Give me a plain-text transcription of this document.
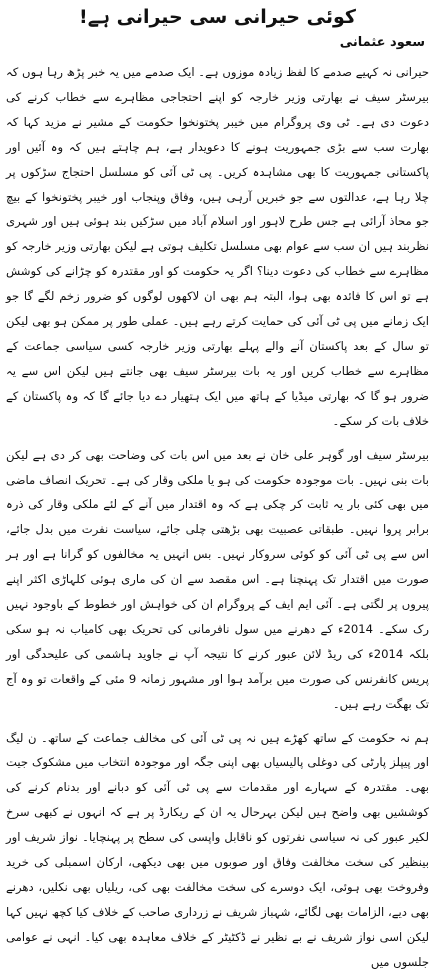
کوئی حیرانی سی حیرانی ہے!
سعود عثمانی

حیرانی نہ کہیے صدمے کا لفظ زیادہ موزوں ہے۔ ایک صدمے میں یہ خبر پڑھ رہا ہوں کہ بیرسٹر سیف نے بھارتی وزیر خارجہ کو اپنے احتجاجی مظاہرے سے خطاب کرنے کی دعوت دی ہے۔ ٹی وی پروگرام میں خیبر پختونخوا حکومت کے مشیر نے مزید کہا کہ بھارت سب سے بڑی جمہوریت ہونے کا دعویدار ہے، ہم چاہتے ہیں کہ وہ آئیں اور پاکستانی جمہوریت کا بھی مشاہدہ کریں۔ پی ٹی آئی کو مسلسل احتجاج سڑکوں پر چلا رہا ہے، عدالتوں سے جو خبریں آرہی ہیں، وفاق وپنجاب اور خیبر پختونخوا کے بیچ جو محاذ آرائی ہے جس طرح لاہور اور اسلام آباد میں سڑکیں بند ہوئی ہیں اور شہری نظربند ہیں ان سب سے عوام بھی مسلسل تکلیف ہوتی ہے لیکن بھارتی وزیر خارجہ کو مظاہرے سے خطاب کی دعوت دینا؟ اگر یہ حکومت کو اور مقتدرہ کو چڑانے کی کوشش ہے تو اس کا فائدہ بھی ہوا، البتہ ہم بھی ان لاکھوں لوگوں کو ضرور زخم لگے گا جو ایک زمانے میں پی ٹی آئی کی حمایت کرتے رہے ہیں۔ عملی طور پر ممکن ہو بھی لیکن تو سال کے بعد پاکستان آنے والے پہلے بھارتی وزیر خارجہ کسی سیاسی جماعت کے مظاہرے سے خطاب کریں اور یہ بات بیرسٹر سیف بھی جانتے ہیں لیکن اس سے یہ ضرور ہو گا کہ بھارتی میڈیا کے ہاتھ میں ایک ہتھیار دے دیا جائے گا کہ وہ پاکستان کے خلاف بات کر سکے۔

بیرسٹر سیف اور گوہر علی خان نے بعد میں اس بات کی وضاحت بھی کر دی ہے لیکن بات بنی نہیں۔ بات موجودہ حکومت کی ہو یا ملکی وقار کی ہے۔ تحریک انصاف ماضی میں بھی کئی بار یہ ثابت کر چکی ہے کہ وہ اقتدار میں آنے کے لئے ملکی وقار کی ذرہ برابر پروا نہیں۔ طبقاتی عصبیت بھی بڑھتی چلی جائے، سیاست نفرت میں بدل جائے، اس سے پی ٹی آئی کو کوئی سروکار نہیں۔ بس انہیں یہ مخالفوں کو گرانا ہے اور ہر صورت میں اقتدار تک پہنچنا ہے۔ اس مقصد سے ان کی ماری ہوئی کلہاڑی اکثر اپنے پیروں پر لگتی ہے۔ آئی ایم ایف کے پروگرام ان کی خواہش اور خطوط کے باوجود نہیں رک سکے۔ 2014ء کے دھرنے میں سول نافرمانی کی تحریک بھی کامیاب نہ ہو سکی بلکہ 2014ء کی ریڈ لائن عبور کرنے کا نتیجہ آپ نے جاوید ہاشمی کی علیحدگی اور پریس کانفرنس کی صورت میں برآمد ہوا اور مشہور زمانہ 9 مئی کے واقعات تو وہ آج تک بھگت رہے ہیں۔

ہم نہ حکومت کے ساتھ کھڑے ہیں نہ پی ٹی آئی کی مخالف جماعت کے ساتھ۔ ن لیگ اور پیپلز پارٹی کی دوغلی پالیسیاں بھی اپنی جگہ اور موجودہ انتخاب میں مشکوک جیت بھی۔ مقتدرہ کے سہارے اور مقدمات سے پی ٹی آئی کو دبانے اور بدنام کرنے کی کوششیں بھی واضح ہیں لیکن بہرحال یہ ان کے ریکارڈ پر ہے کہ انہوں نے کبھی سرخ لکیر عبور کی نہ سیاسی نفرتوں کو ناقابل واپسی کی سطح پر پہنچایا۔ نواز شریف اور بینظیر کی سخت مخالفت وفاق اور صوبوں میں بھی دیکھی، ارکان اسمبلی کی خرید وفروخت بھی ہوئی، ایک دوسرے کی سخت مخالفت بھی کی، ریلیاں بھی نکلیں، دھرنے بھی دیے، الزامات بھی لگائے، شہباز شریف نے زرداری صاحب کے خلاف کیا کچھ نہیں کہا لیکن اسی نواز شریف نے بے نظیر نے ڈکٹیٹر کے خلاف معاہدہ بھی کیا۔ انہی نے عوامی جلسوں میں
